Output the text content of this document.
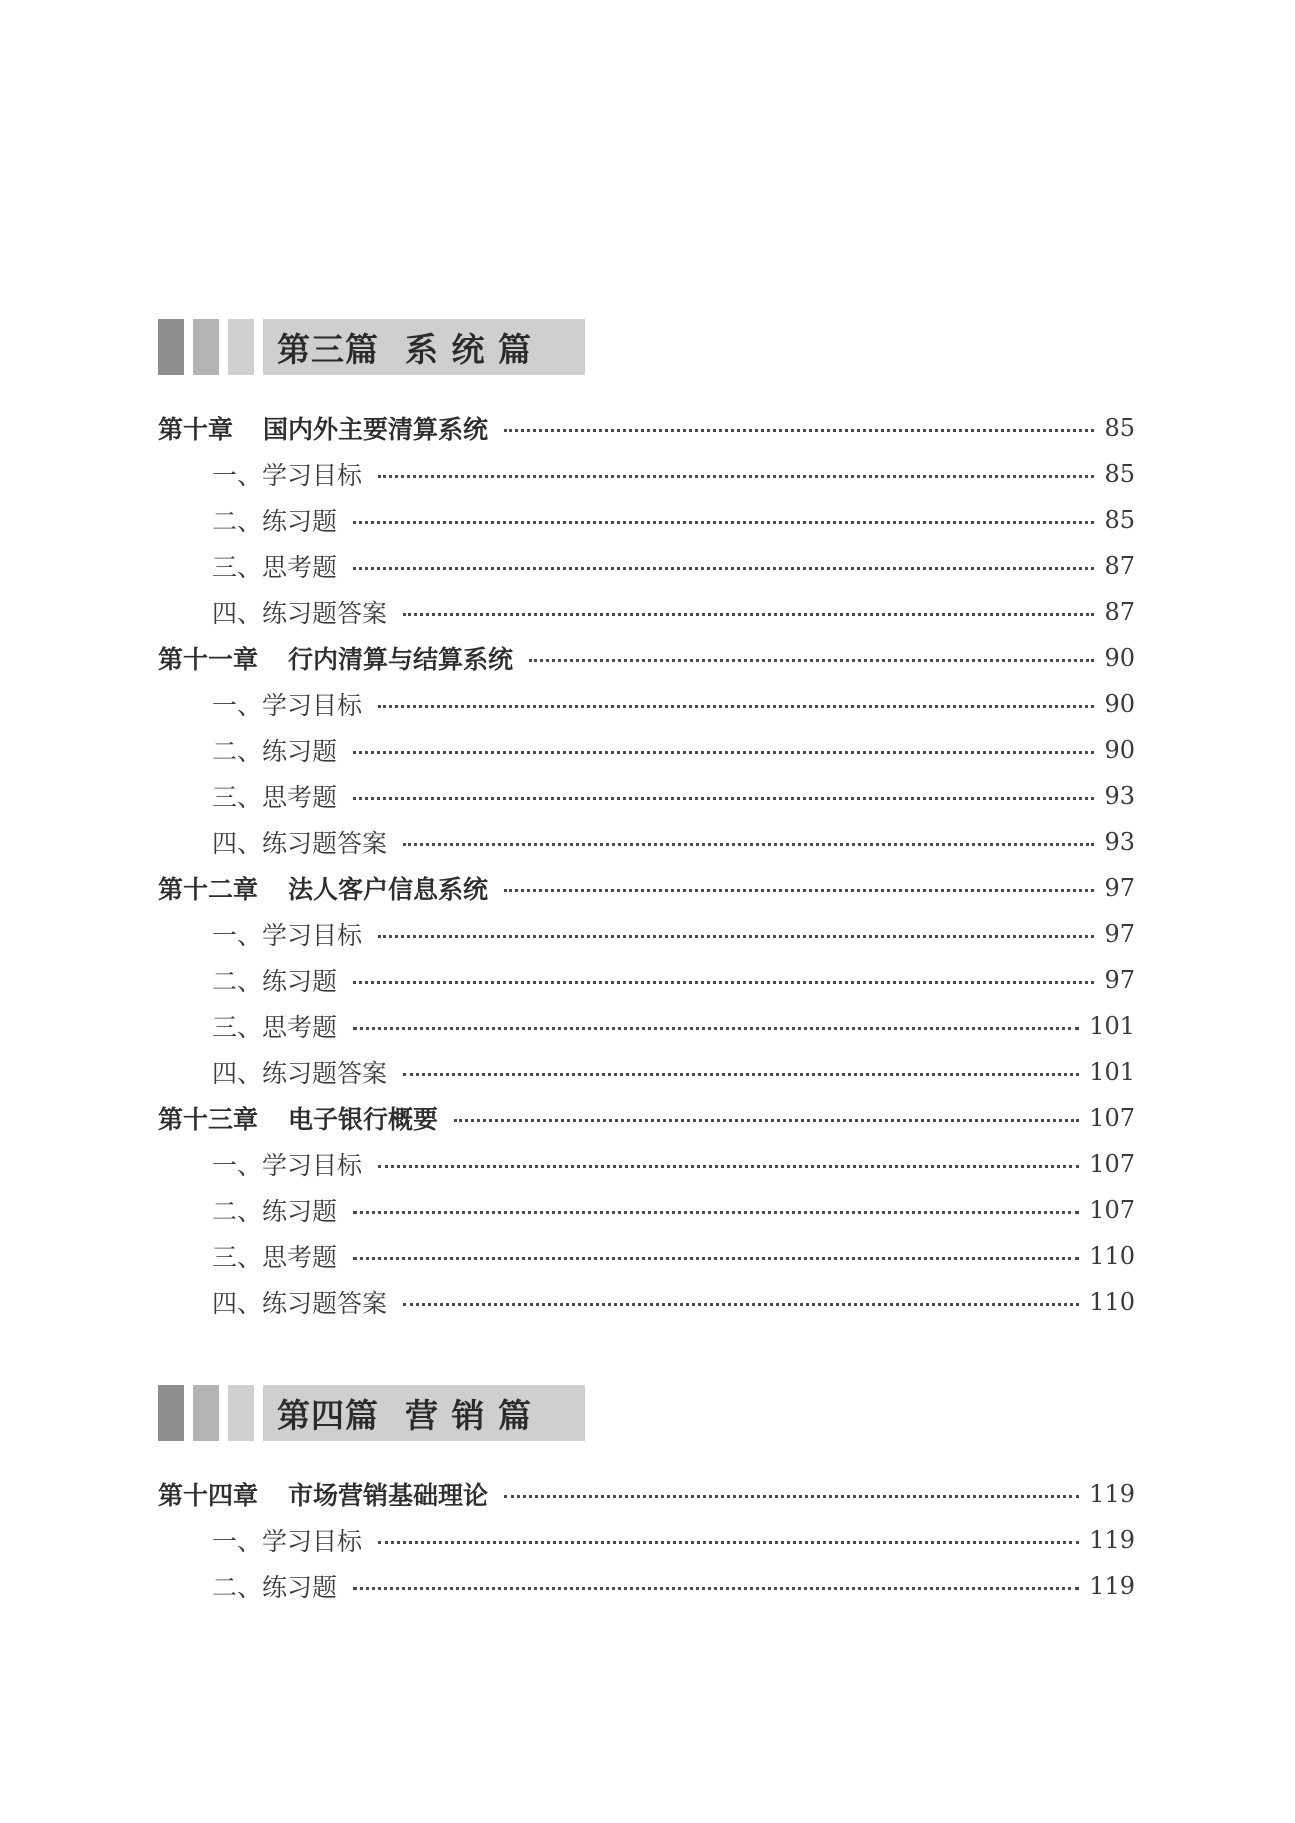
第三篇 系 统 篇
第十章 国内外主要清算系统	85
一、学习目标	85
二、练习题	85
三、思考题	87
四、练习题答案	87
第十一章 行内清算与结算系统	90
一、学习目标	90
二、练习题	90
三、思考题	93
四、练习题答案	93
第十二章 法人客户信息系统	97
一、学习目标	97
二、练习题	97
三、思考题	101
四、练习题答案	101
第十三章 电子银行概要	107
一、学习目标	107
二、练习题	107
三、思考题	110
四、练习题答案	110
第四篇 营 销 篇
第十四章 市场营销基础理论	119
一、学习目标	119
二、练习题	119
